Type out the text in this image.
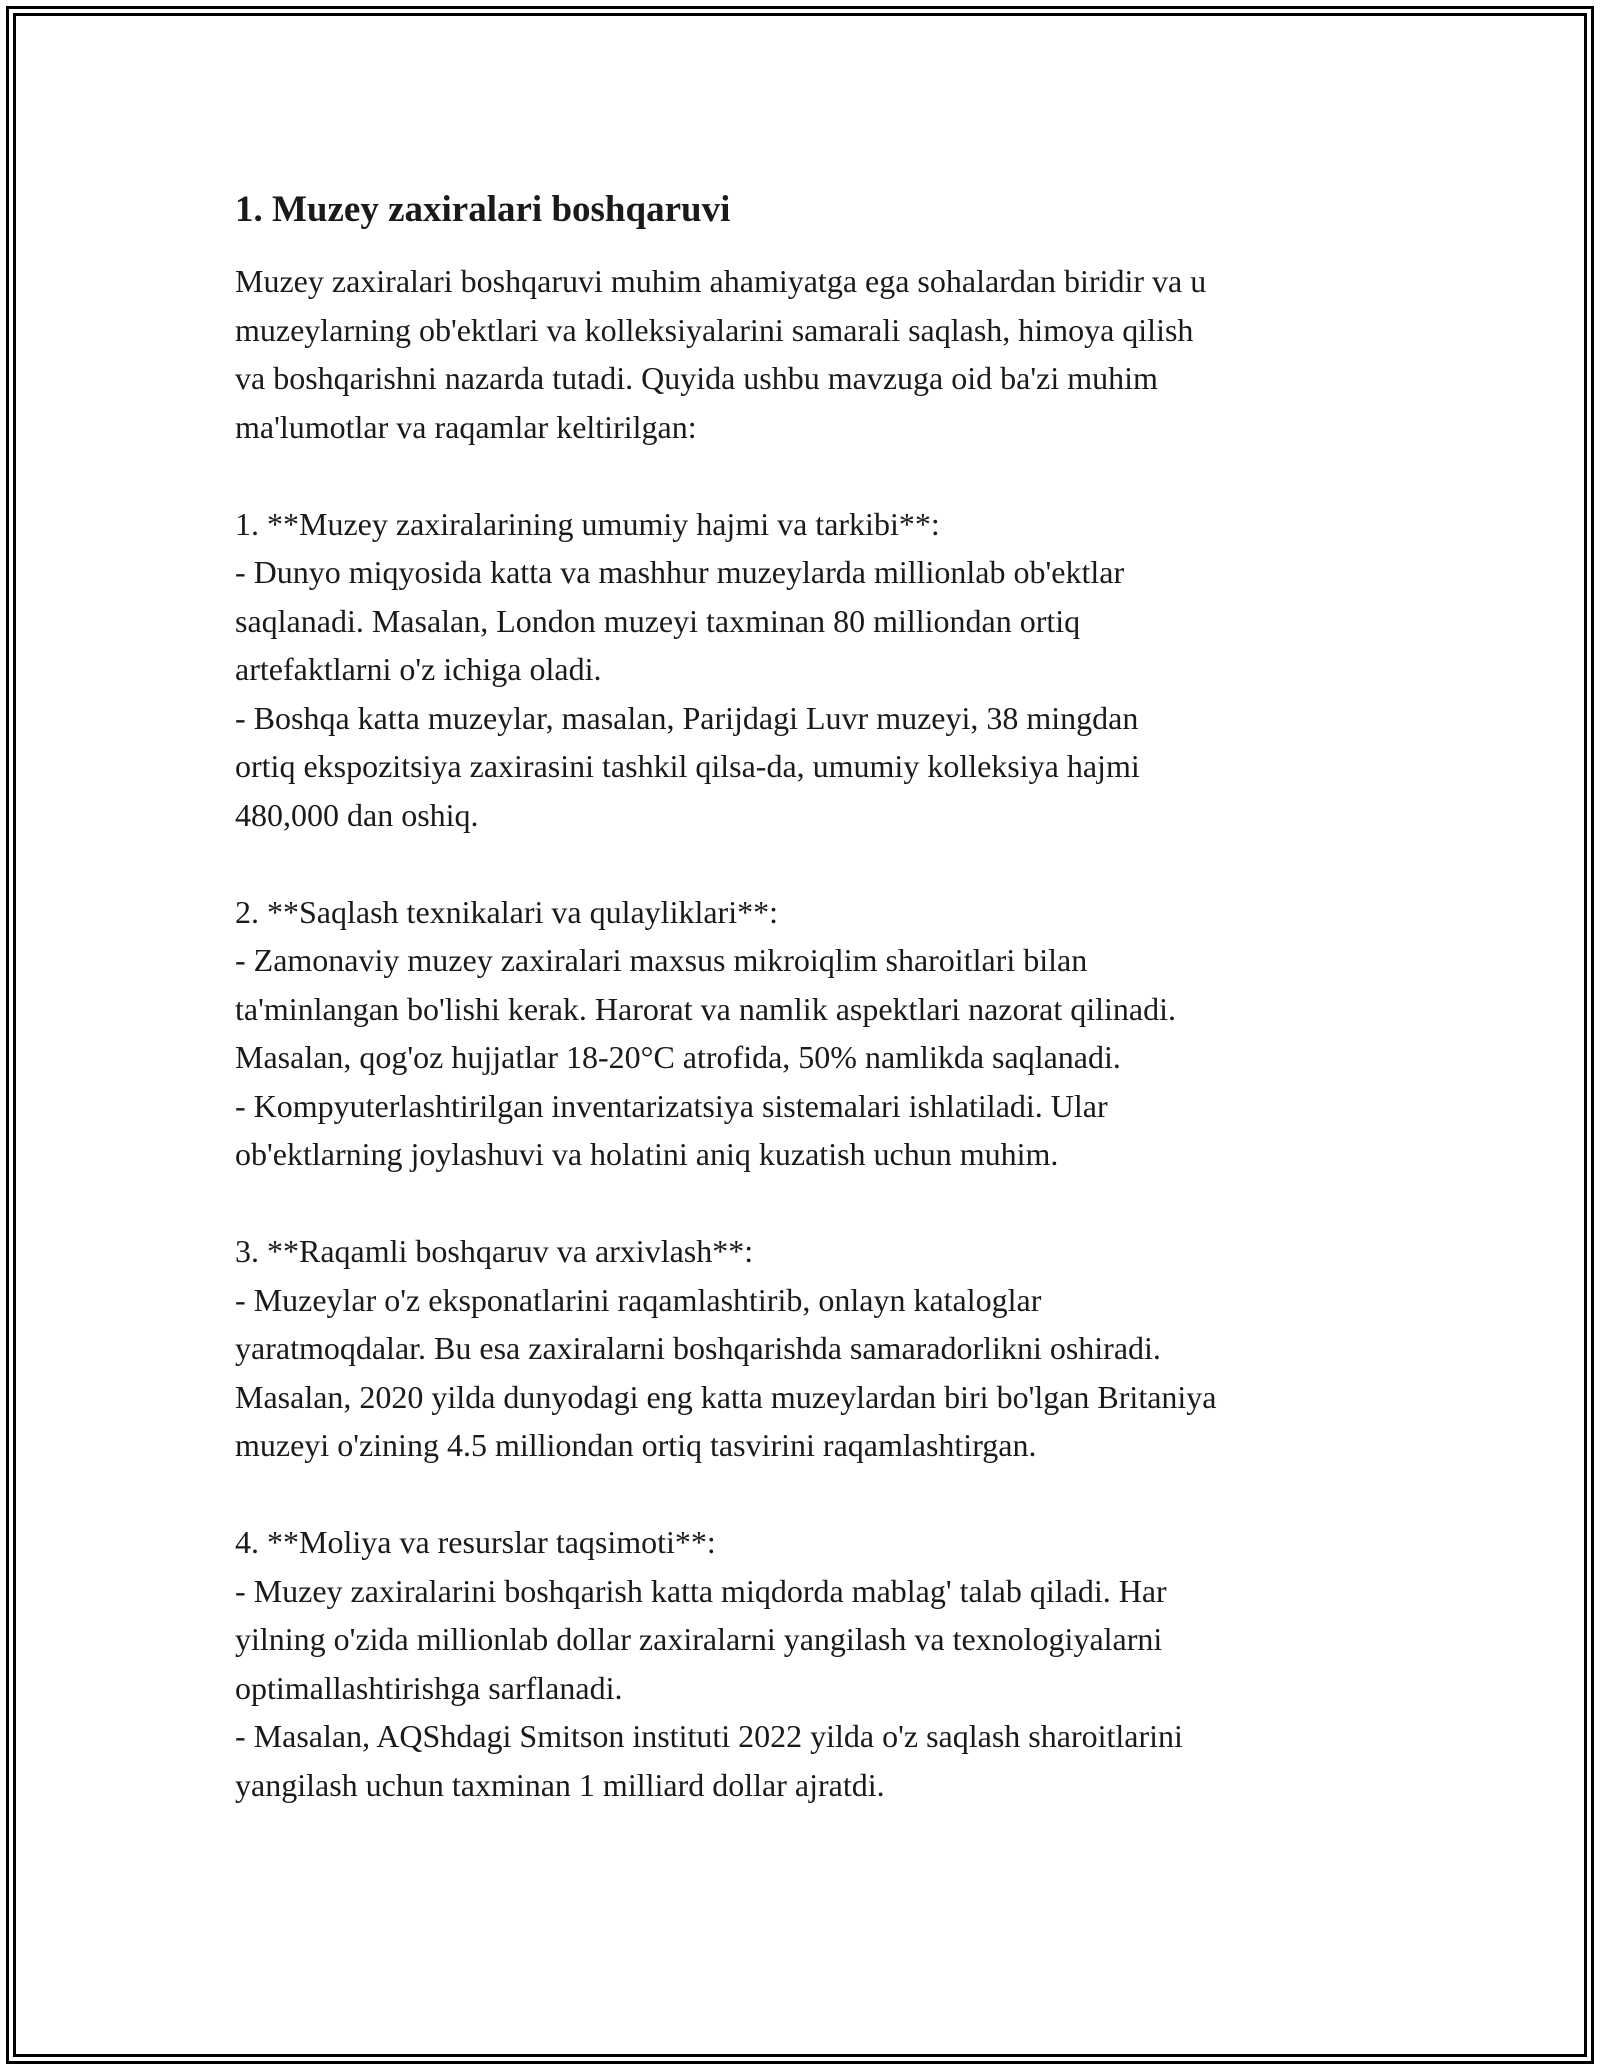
1. Muzey zaxiralari boshqaruvi

Muzey zaxiralari boshqaruvi muhim ahamiyatga ega sohalardan biridir va u
muzeylarning ob'ektlari va kolleksiyalarini samarali saqlash, himoya qilish
va boshqarishni nazarda tutadi. Quyida ushbu mavzuga oid ba'zi muhim
ma'lumotlar va raqamlar keltirilgan:

1. **Muzey zaxiralarining umumiy hajmi va tarkibi**:

- Dunyo miqyosida katta va mashhur muzeylarda millionlab ob'ektlar
saqlanadi. Masalan, London muzeyi taxminan 80 milliondan ortiq
artefaktlarni o'z ichiga oladi.

- Boshqa katta muzeylar, masalan, Parijdagi Luvr muzeyi, 38 mingdan
ortiq ekspozitsiya zaxirasini tashkil qilsa-da, umumiy kolleksiya hajmi
480,000 dan oshiq.

2. **Saqlash texnikalari va qulayliklari**:

- Zamonaviy muzey zaxiralari maxsus mikroiqlim sharoitlari bilan
ta'minlangan bo'lishi kerak. Harorat va namlik aspektlari nazorat qilinadi.
Masalan, qog'oz hujjatlar 18-20°C atrofida, 50% namlikda saqlanadi.

- Kompyuterlashtirilgan inventarizatsiya sistemalari ishlatiladi. Ular
ob'ektlarning joylashuvi va holatini aniq kuzatish uchun muhim.

3. **Raqamli boshqaruv va arxivlash**:

- Muzeylar o'z eksponatlarini raqamlashtirib, onlayn kataloglar
yaratmoqdalar. Bu esa zaxiralarni boshqarishda samaradorlikni oshiradi.
Masalan, 2020 yilda dunyodagi eng katta muzeylardan biri bo'lgan Britaniya
muzeyi o'zining 4.5 milliondan ortiq tasvirini raqamlashtirgan.

4. **Moliya va resurslar taqsimoti**:

- Muzey zaxiralarini boshqarish katta miqdorda mablag' talab qiladi. Har
yilning o'zida millionlab dollar zaxiralarni yangilash va texnologiyalarni
optimallashtirishga sarflanadi.

- Masalan, AQShdagi Smitson instituti 2022 yilda o'z saqlash sharoitlarini
yangilash uchun taxminan 1 milliard dollar ajratdi.
